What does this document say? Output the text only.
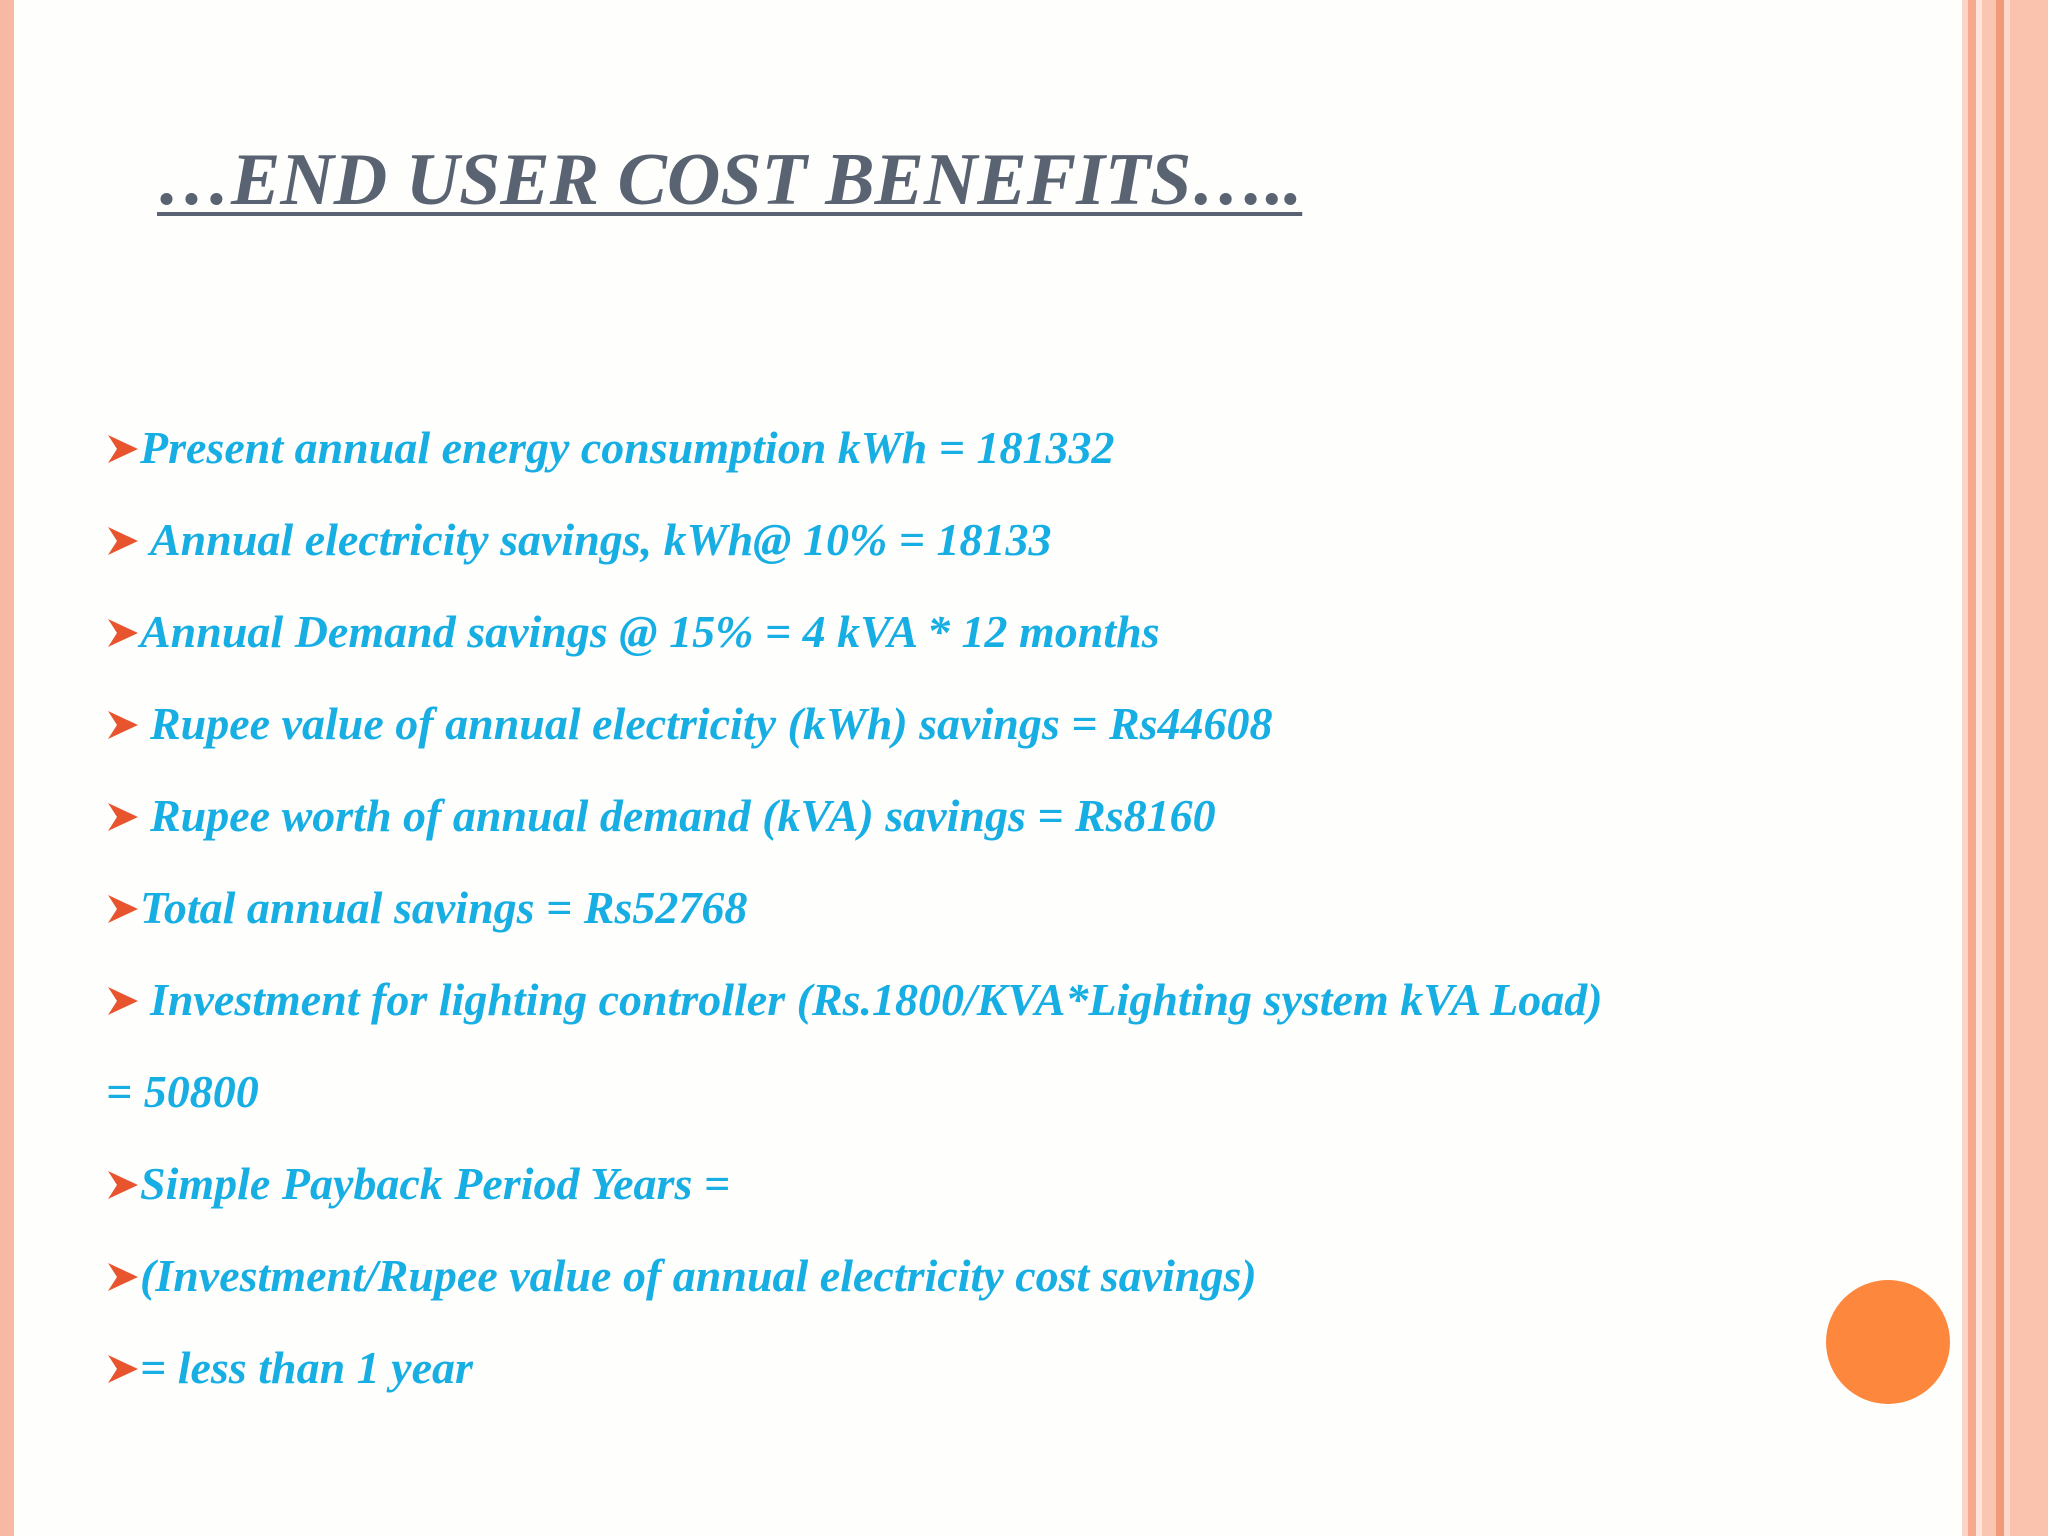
…END USER COST BENEFITS…..
Present annual energy consumption kWh = 181332
Annual electricity savings, kWh@ 10% = 18133
Annual Demand savings @ 15% = 4 kVA * 12 months
Rupee value of annual electricity (kWh) savings = Rs44608
Rupee worth of annual demand (kVA) savings = Rs8160
Total annual savings = Rs52768
Investment for lighting controller (Rs.1800/KVA*Lighting system kVA Load)
= 50800
Simple Payback Period Years =
(Investment/Rupee value of annual electricity cost savings)
= less than 1 year
